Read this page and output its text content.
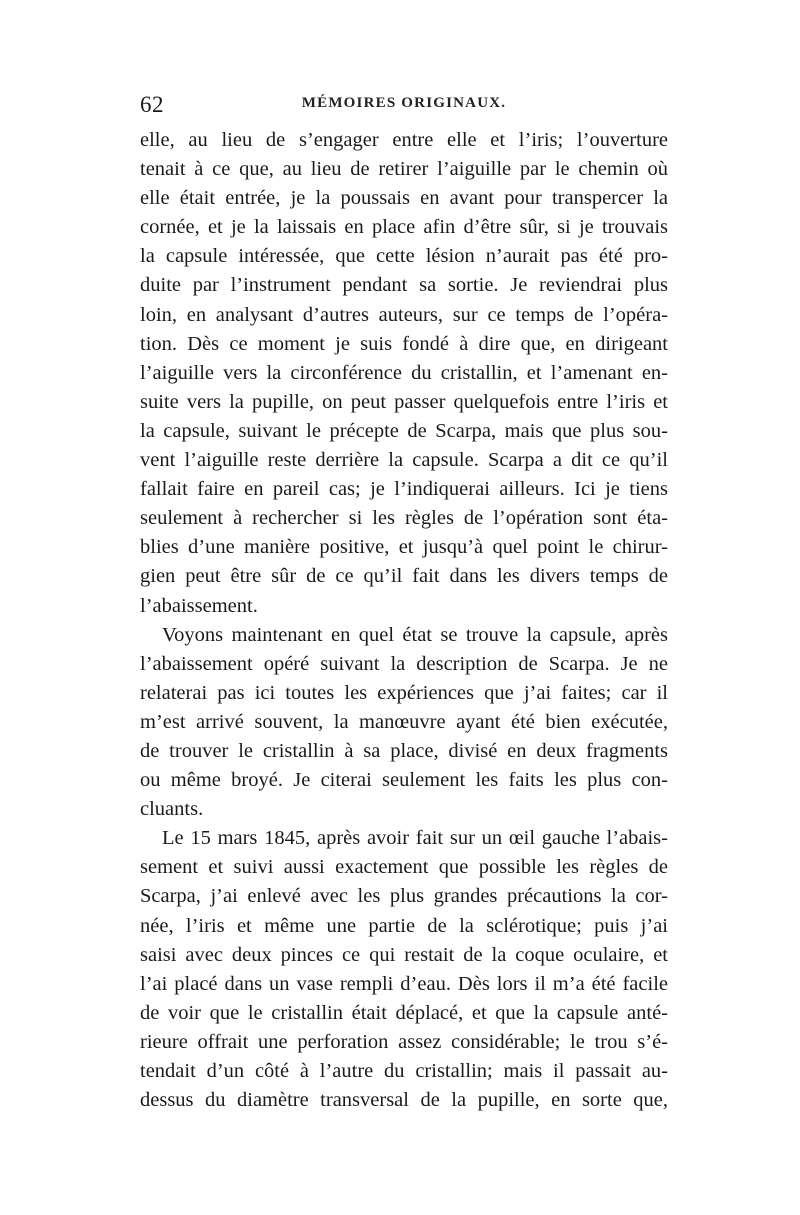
62	MÉMOIRES ORIGINAUX.
elle, au lieu de s’engager entre elle et l’iris; l’ouverture
tenait à ce que, au lieu de retirer l’aiguille par le chemin où
elle était entrée, je la poussais en avant pour transpercer la
cornée, et je la laissais en place afin d’être sûr, si je trouvais
la capsule intéressée, que cette lésion n’aurait pas été pro-
duite par l’instrument pendant sa sortie. Je reviendrai plus
loin, en analysant d’autres auteurs, sur ce temps de l’opéra-
tion. Dès ce moment je suis fondé à dire que, en dirigeant
l’aiguille vers la circonférence du cristallin, et l’amenant en-
suite vers la pupille, on peut passer quelquefois entre l’iris et
la capsule, suivant le précepte de Scarpa, mais que plus sou-
vent l’aiguille reste derrière la capsule. Scarpa a dit ce qu’il
fallait faire en pareil cas; je l’indiquerai ailleurs. Ici je tiens
seulement à rechercher si les règles de l’opération sont éta-
blies d’une manière positive, et jusqu’à quel point le chirur-
gien peut être sûr de ce qu’il fait dans les divers temps de
l’abaissement.
Voyons maintenant en quel état se trouve la capsule, après
l’abaissement opéré suivant la description de Scarpa. Je ne
relaterai pas ici toutes les expériences que j’ai faites; car il
m’est arrivé souvent, la manœuvre ayant été bien exécutée,
de trouver le cristallin à sa place, divisé en deux fragments
ou même broyé. Je citerai seulement les faits les plus con-
cluants.
Le 15 mars 1845, après avoir fait sur un œil gauche l’abais-
sement et suivi aussi exactement que possible les règles de
Scarpa, j’ai enlevé avec les plus grandes précautions la cor-
née, l’iris et même une partie de la sclérotique; puis j’ai
saisi avec deux pinces ce qui restait de la coque oculaire, et
l’ai placé dans un vase rempli d’eau. Dès lors il m’a été facile
de voir que le cristallin était déplacé, et que la capsule anté-
rieure offrait une perforation assez considérable; le trou s’é-
tendait d’un côté à l’autre du cristallin; mais il passait au-
dessus du diamètre transversal de la pupille, en sorte que,
